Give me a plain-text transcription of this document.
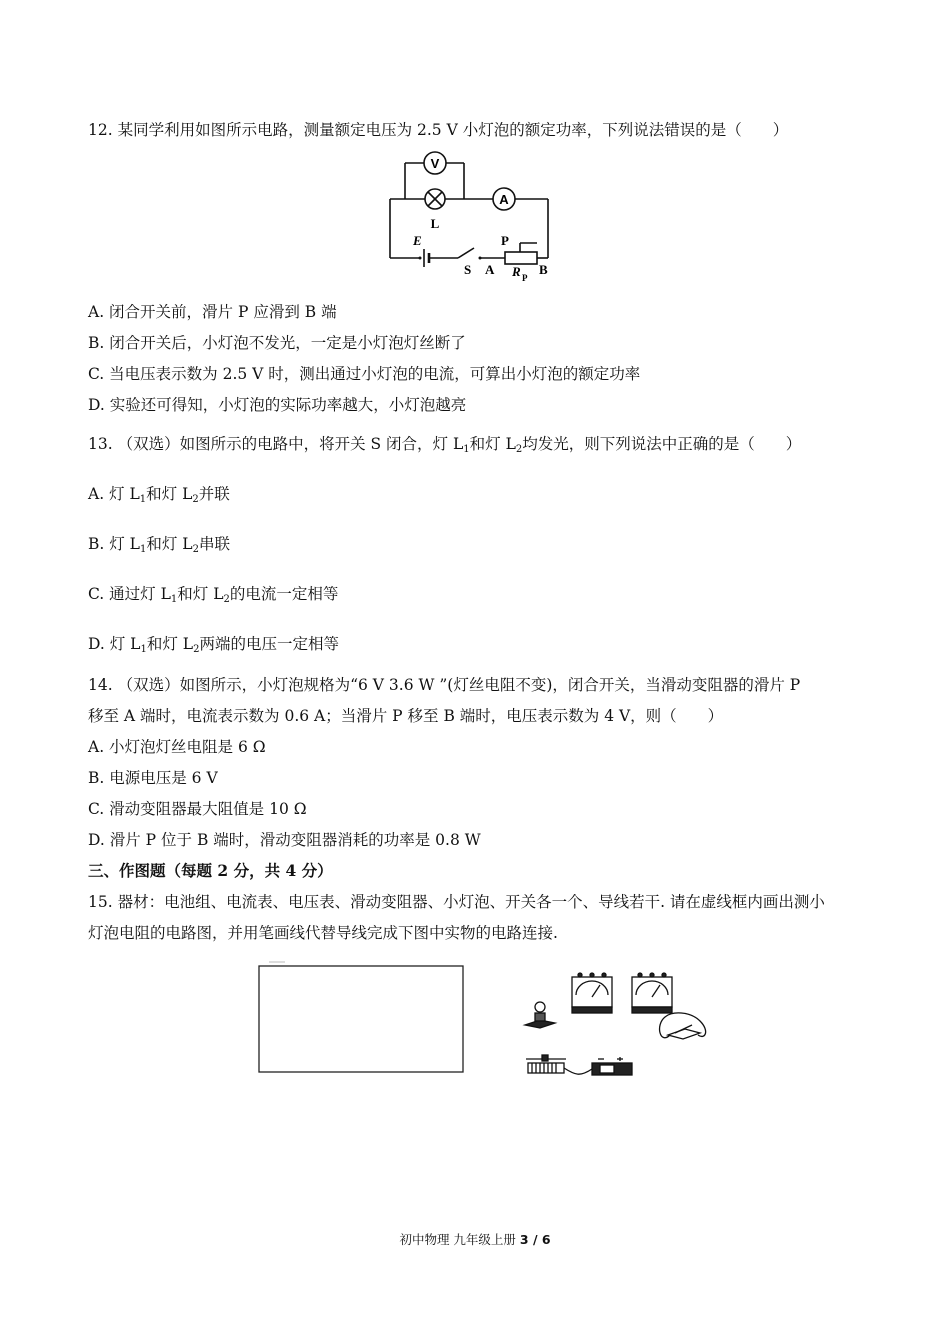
12. 某同学利用如图所示电路，测量额定电压为 2.5 V 小灯泡的额定功率，下列说法错误的是（　　）
V
A
L
E
S
P
A	B
R P
A. 闭合开关前，滑片 P 应滑到 B 端
B. 闭合开关后，小灯泡不发光，一定是小灯泡灯丝断了
C. 当电压表示数为 2.5 V 时，测出通过小灯泡的电流，可算出小灯泡的额定功率
D. 实验还可得知，小灯泡的实际功率越大，小灯泡越亮
13. （双选）如图所示的电路中，将开关 S 闭合，灯 $L_1$和灯 $L_2$均发光，则下列说法中正确的是（　　）
A. 灯 $L_1$和灯 $L_2$并联
B. 灯 $L_1$和灯 $L_2$串联
C. 通过灯 $L_1$和灯 $L_2$的电流一定相等
D. 灯 $L_1$和灯 $L_2$两端的电压一定相等
14. （双选）如图所示，小灯泡规格为“6 V 3.6 W ”(灯丝电阻不变)，闭合开关，当滑动变阻器的滑片 P
移至 A 端时，电流表示数为 0.6 A；当滑片 P 移至 B 端时，电压表示数为 4 V，则（　　）
A. 小灯泡灯丝电阻是 6 Ω
B. 电源电压是 6 V
C. 滑动变阻器最大阻值是 10 Ω
D. 滑片 P 位于 B 端时，滑动变阻器消耗的功率是 0.8 W
三、作图题（每题 2 分，共 4 分）
15. 器材：电池组、电流表、电压表、滑动变阻器、小灯泡、开关各一个、导线若干. 请在虚线框内画出测小
灯泡电阻的电路图，并用笔画线代替导线完成下图中实物的电路连接.
初中物理 九年级上册 3 / 6
